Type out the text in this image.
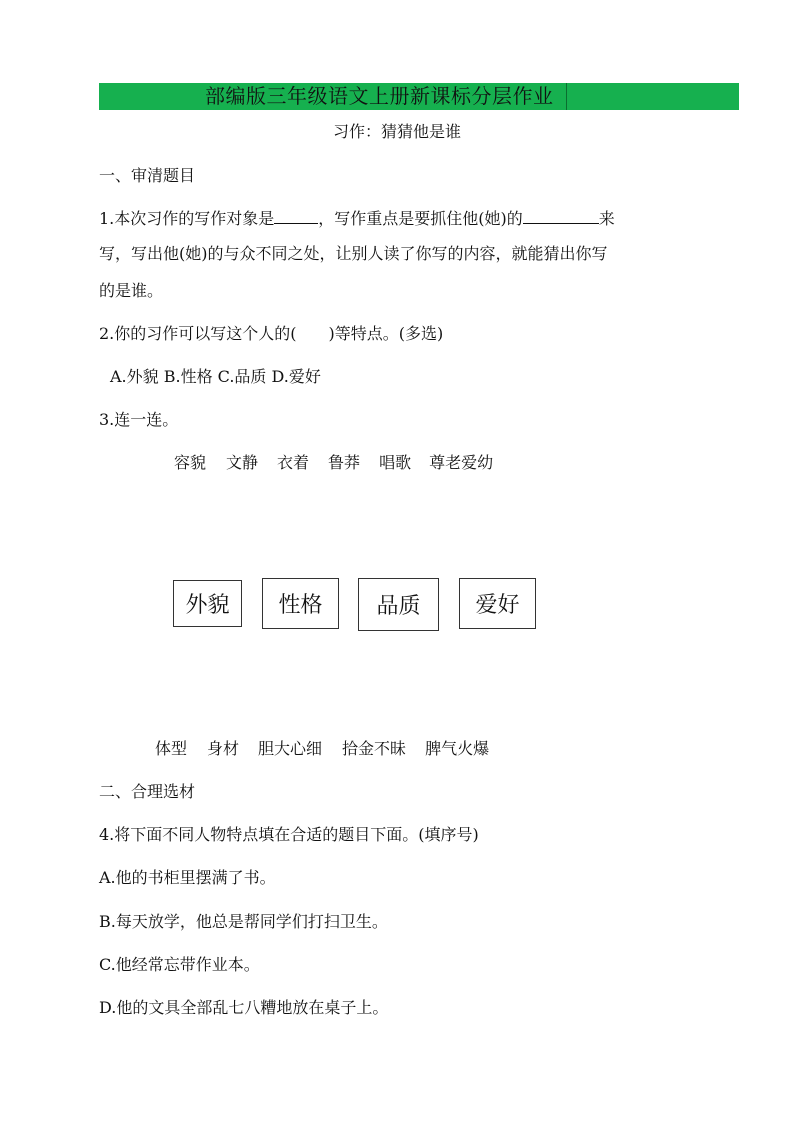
部编版三年级语文上册新课标分层作业
习作：猜猜他是谁
一、审清题目
1.本次习作的写作对象是	，写作重点是要抓住他(她)的	来
写，写出他(她)的与众不同之处，让别人读了你写的内容，就能猜出你写
的是谁。
2.你的习作可以写这个人的(　　)等特点。(多选)
A.外貌 B.性格 C.品质 D.爱好
3.连一连。
容貌 文静 衣着 鲁莽 唱歌 尊老爱幼
外貌	性格	品质	爱好
体型 身材 胆大心细 拾金不昧 脾气火爆
二、合理选材
4.将下面不同人物特点填在合适的题目下面。(填序号)
A.他的书柜里摆满了书。
B.每天放学，他总是帮同学们打扫卫生。
C.他经常忘带作业本。
D.他的文具全部乱七八糟地放在桌子上。
